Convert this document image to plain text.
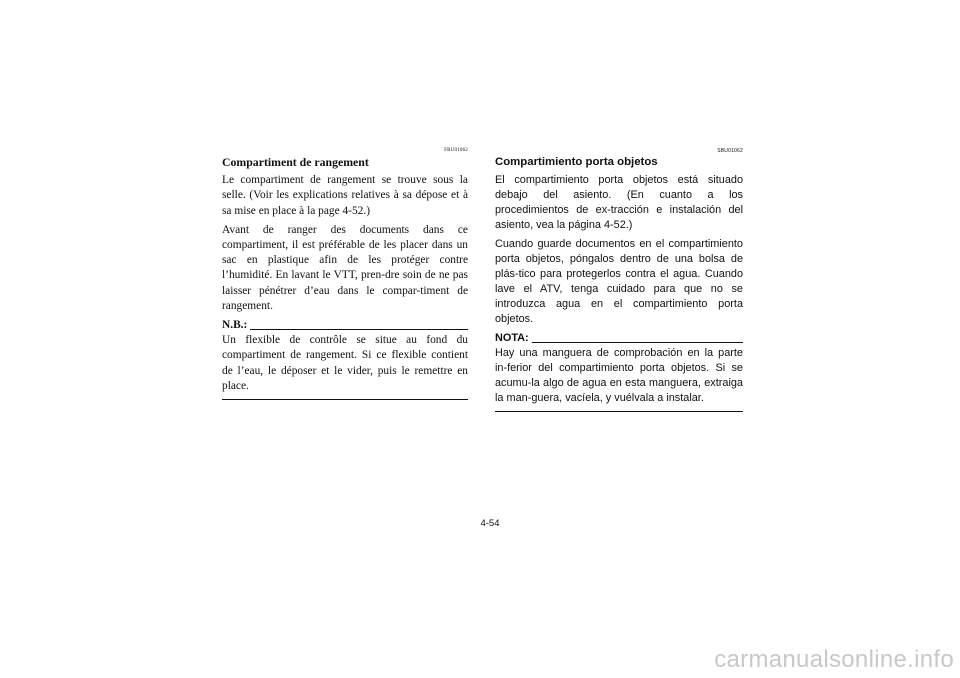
FBU01062
Compartiment de rangement

Le compartiment de rangement se trouve sous la selle. (Voir les explications relatives à sa dépose et à sa mise en place à la page 4-52.)

Avant de ranger des documents dans ce compartiment, il est préférable de les placer dans un sac en plastique afin de les protéger contre l’humidité. En lavant le VTT, pren-dre soin de ne pas laisser pénétrer d’eau dans le compar-timent de rangement.

N.B.:

Un flexible de contrôle se situe au fond du compartiment de rangement. Si ce flexible contient de l’eau, le déposer et le vider, puis le remettre en place.

SBU01062
Compartimiento porta objetos

El compartimiento porta objetos está situado debajo del asiento. (En cuanto a los procedimientos de ex-tracción e instalación del asiento, vea la página 4-52.)

Cuando guarde documentos en el compartimiento porta objetos, póngalos dentro de una bolsa de plás-tico para protegerlos contra el agua. Cuando lave el ATV, tenga cuidado para que no se introduzca agua en el compartimiento porta objetos.

NOTA:

Hay una manguera de comprobación en la parte in-ferior del compartimiento porta objetos. Si se acumu-la algo de agua en esta manguera, extraiga la man-guera, vacíela, y vuélvala a instalar.

4-54
carmanualsonline.info
